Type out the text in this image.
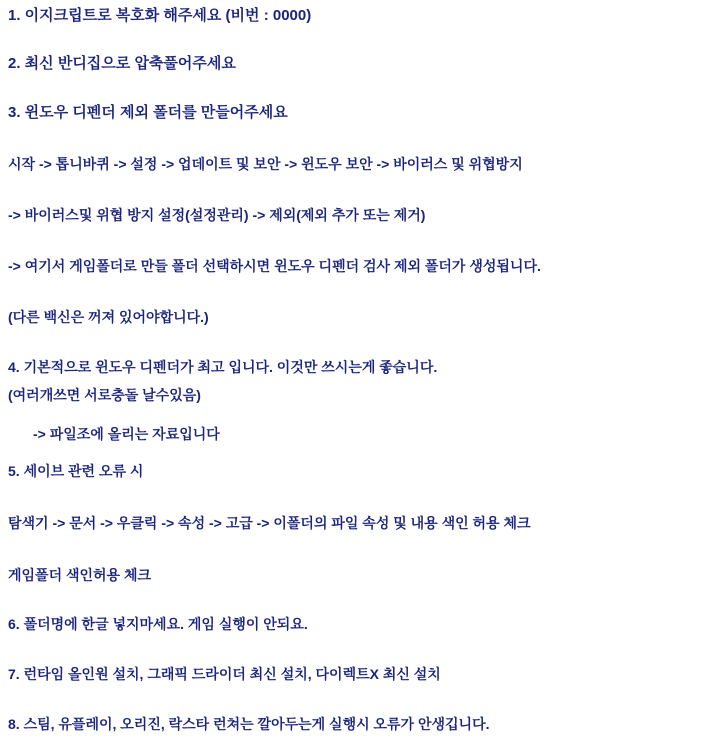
1. 이지크립트로 복호화 해주세요 (비번 : 0000)
2. 최신 반디집으로 압축풀어주세요
3. 윈도우 디펜더 제외 폴더를 만들어주세요
시작 -> 톱니바퀴 -> 설정 -> 업데이트 및 보안 -> 윈도우 보안 -> 바이러스 및 위협방지
-> 바이러스및 위협 방지 설정(설정관리) -> 제외(제외 추가 또는 제거)
-> 여기서 게임폴더로 만들 폴더 선택하시면 윈도우 디펜더 검사 제외 폴더가 생성됩니다.
(다른 백신은 꺼져 있어야합니다.)
4. 기본적으로 윈도우 디펜더가 최고 입니다. 이것만 쓰시는게 좋습니다.
(여러개쓰면 서로충돌 날수있음)
-> 파일조에 올리는 자료입니다
5. 세이브 관련 오류 시
탐색기 -> 문서 -> 우클릭 -> 속성 -> 고급 -> 이폴더의 파일 속성 및 내용 색인 허용 체크
게임폴더 색인허용 체크
6. 폴더명에 한글 넣지마세요. 게임 실행이 안되요.
7. 런타임 올인원 설치, 그래픽 드라이더 최신 설치, 다이렉트X 최신 설치
8. 스팀, 유플레이, 오리진, 락스타 런쳐는 깔아두는게 실행시 오류가 안생깁니다.
